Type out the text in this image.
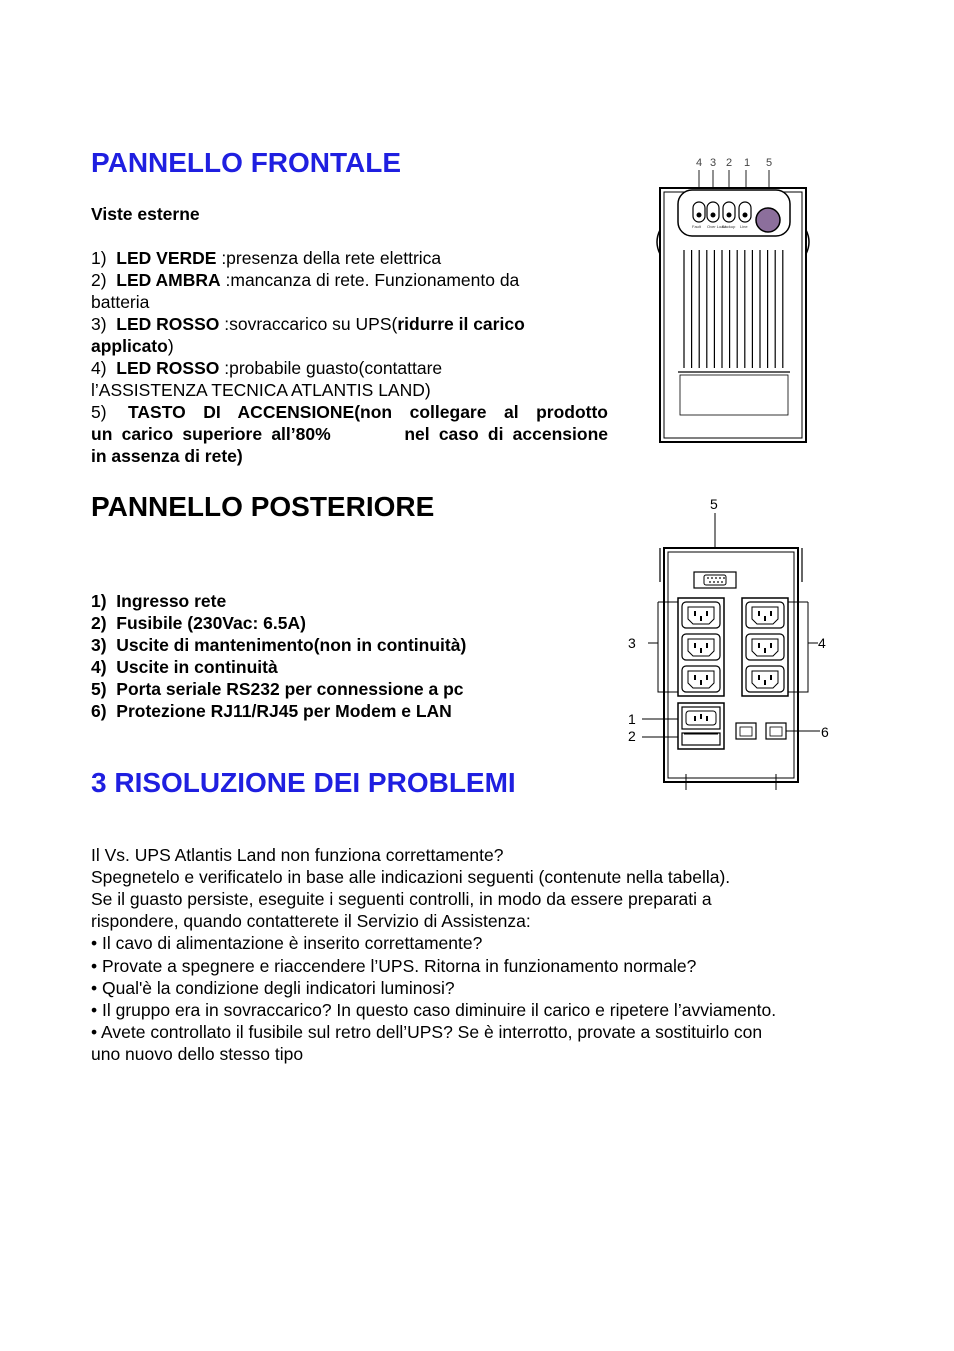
PANNELLO FRONTALE
Viste esterne
1) LED VERDE :presenza della rete elettrica
2) LED AMBRA :mancanza di rete. Funzionamento da
batteria
3) LED ROSSO :sovraccarico su UPS(ridurre il carico
applicato)
4) LED ROSSO :probabile guasto(contattare
l’ASSISTENZA TECNICA ATLANTIS LAND)
5) TASTO DI ACCENSIONE(non collegare al prodotto
un carico superiore all’80%        nel caso di accensione
in assenza di rete)
4 3 2 1 5
Fault Over Load
Backup Line
PANNELLO POSTERIORE
1) Ingresso rete
2) Fusibile (230Vac: 6.5A)
3) Uscite di mantenimento(non in continuità)
4) Uscite in continuità
5) Porta seriale RS232 per connessione a pc
6) Protezione RJ11/RJ45 per Modem e LAN
5
3	4
1
2	6
3 RISOLUZIONE DEI PROBLEMI
Il Vs. UPS Atlantis Land non funziona correttamente?
Spegnetelo e verificatelo in base alle indicazioni seguenti (contenute nella tabella).
Se il guasto persiste, eseguite i seguenti controlli, in modo da essere preparati a
rispondere, quando contatterete il Servizio di Assistenza:
• Il cavo di alimentazione è inserito correttamente?
• Provate a spegnere e riaccendere l’UPS. Ritorna in funzionamento normale?
• Qual'è la condizione degli indicatori luminosi?
• Il gruppo era in sovraccarico? In questo caso diminuire il carico e ripetere l’avviamento.
• Avete controllato il fusibile sul retro dell’UPS? Se è interrotto, provate a sostituirlo con
uno nuovo dello stesso tipo
